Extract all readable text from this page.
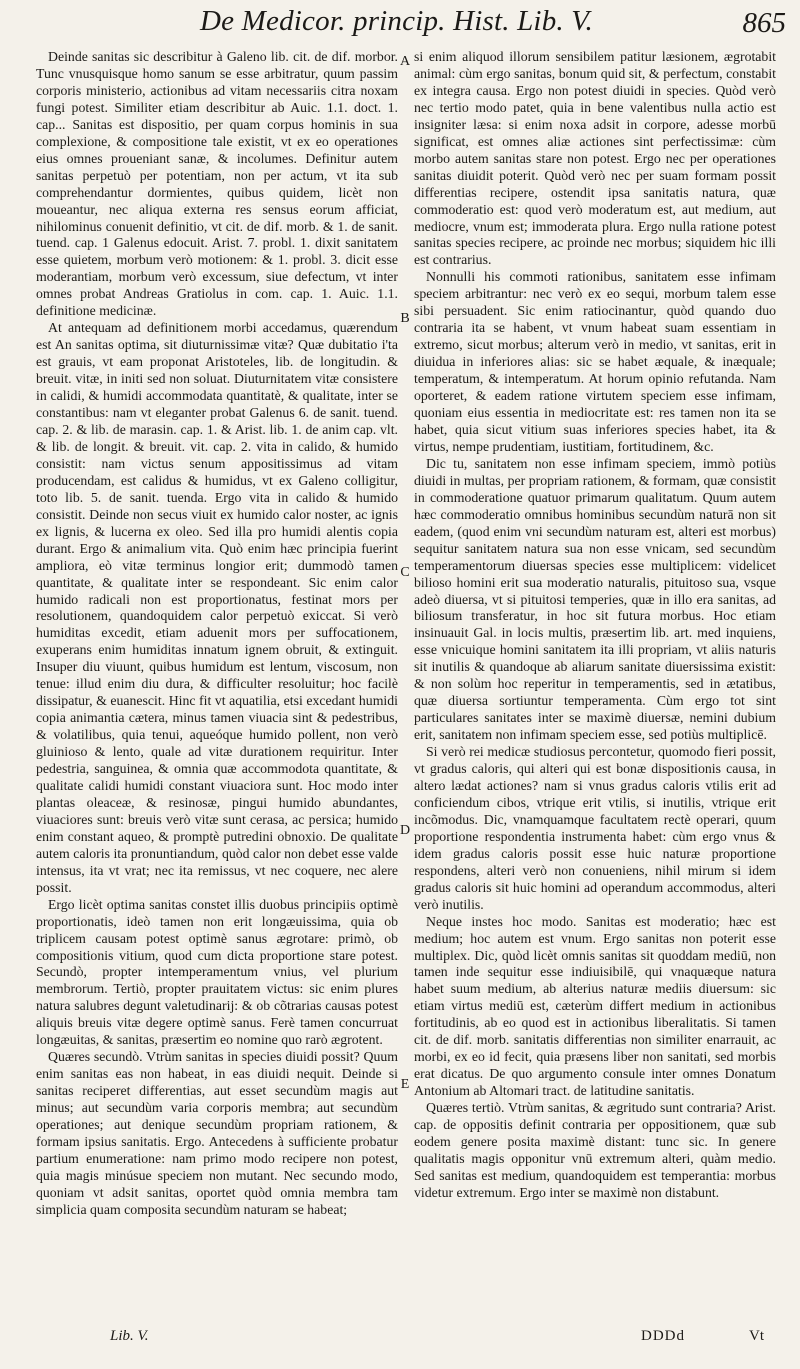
De Medicor. princip. Hist. Lib. V.	865

Deinde sanitas sic describitur à Galeno lib. cit. de dif. morbor. Tunc vnusquisque homo sanum se esse arbitratur, quum passim corporis ministerio, actionibus ad vitam necessariis citra noxam fungi potest. Similiter etiam describitur ab Auic. 1.1. doct. 1. cap... Sanitas est dispositio, per quam corpus hominis in sua complexione, & compositione tale existit, vt ex eo operationes eius omnes proueniant sanæ, & incolumes. Definitur autem sanitas perpetuò per potentiam, non per actum, vt ita sub comprehendantur dormientes, quibus quidem, licèt non moueantur, nec aliqua externa res sensus eorum afficiat, nihilominus conuenit definitio, vt cit. de dif. morb. & 1. de sanit. tuend. cap. 1 Galenus edocuit. Arist. 7. probl. 1. dixit sanitatem esse quietem, morbum verò motionem: & 1. probl. 3. dicit esse moderantiam, morbum verò excessum, siue defectum, vt inter omnes probat Andreas Gratiolus in com. cap. 1. Auic. 1.1. definitione medicinæ.

At antequam ad definitionem morbi accedamus, quærendum est An sanitas optima, sit diuturnissimæ vitæ? Quæ dubitatio i'ta est grauis, vt eam proponat Aristoteles, lib. de longitudin. & breuit. vitæ, in initi sed non soluat. Diuturnitatem vitæ consistere in calidi, & humidi accommodata quantitatè, & qualitate, inter se constantibus: nam vt eleganter probat Galenus 6. de sanit. tuend. cap. 2. & lib. de marasin. cap. 1. & Arist. lib. 1. de anim cap. vlt. & lib. de longit. & breuit. vit. cap. 2. vita in calido, & humido consistit: nam victus senum appositissimus ad vitam producendam, est calidus & humidus, vt ex Galeno colligitur, toto lib. 5. de sanit. tuenda. Ergo vita in calido & humido consistit. Deinde non secus viuit ex humido calor noster, ac ignis ex lignis, & lucerna ex oleo. Sed illa pro humidi alentis copia durant. Ergo & animalium vita. Quò enim hæc principia fuerint ampliora, eò vitæ terminus longior erit; dummodò tamen quantitate, & qualitate inter se respondeant. Sic enim calor humido radicali non est proportionatus, festinat mors per resolutionem, quandoquidem calor perpetuò exiccat. Si verò humiditas excedit, etiam aduenit mors per suffocationem, exuperans enim humiditas innatum ignem obruit, & extinguit. Insuper diu viuunt, quibus humidum est lentum, viscosum, non tenue: illud enim diu dura, & difficulter resoluitur; hoc facilè dissipatur, & euanescit. Hinc fit vt aquatilia, etsi excedant humidi copia animantia cætera, minus tamen viuacia sint & pedestribus, & volatilibus, quia tenui, aqueóque humido pollent, non verò gluinioso & lento, quale ad vitæ durationem requiritur. Inter pedestria, sanguinea, & omnia quæ accommodota quantitate, & qualitate calidi humidi constant viuaciora sunt. Hoc modo inter plantas oleaceæ, & resinosæ, pingui humido abundantes, viuaciores sunt: breuis verò vitæ sunt cerasa, ac persica; humido enim constant aqueo, & promptè putredini obnoxio. De qualitate autem caloris ita pronuntiandum, quòd calor non debet esse valde intensus, ita vt vrat; nec ita remissus, vt nec coquere, nec alere possit.

Ergo licèt optima sanitas constet illis duobus principiis optimè proportionatis, ideò tamen non erit longæuissima, quia ob triplicem causam potest optimè sanus ægrotare: primò, ob compositionis vitium, quod cum dicta proportione stare potest. Secundò, propter intemperamentum vnius, vel plurium membrorum. Tertiò, propter prauitatem victus: sic enim plures natura salubres degunt valetudinarij: & ob cõtrarias causas potest aliquis breuis vitæ degere optimè sanus. Ferè tamen concurruat longæuitas, & sanitas, præsertim eo nomine quo rarò ægrotent.

Quæres secundò. Vtrùm sanitas in species diuidi possit? Quum enim sanitas eas non habeat, in eas diuidi nequit. Deinde si sanitas reciperet differentias, aut esset secundùm magis aut minus; aut secundùm varia corporis membra; aut secundùm operationes; aut denique secundùm propriam rationem, & formam ipsius sanitatis. Ergo. Antecedens à sufficiente probatur partium enumeratione: nam primo modo recipere non potest, quia magis minúsue speciem non mutant. Nec secundo modo, quoniam vt adsit sanitas, oportet quòd omnia membra tam simplicia quam composita secundùm naturam se habeat;

A
B
C
D
E

si enim aliquod illorum sensibilem patitur læsionem, ægrotabit animal: cùm ergo sanitas, bonum quid sit, & perfectum, constabit ex integra causa. Ergo non potest diuidi in species. Quòd verò nec tertio modo patet, quia in bene valentibus nulla actio est insigniter læsa: si enim noxa adsit in corpore, adesse morbū significat, est omnes aliæ actiones sint perfectissimæ: cùm morbo autem sanitas stare non potest. Ergo nec per operationes sanitas diuidit poterit. Quòd verò nec per suam formam possit differentias recipere, ostendit ipsa sanitatis natura, quæ commoderatio est: quod verò moderatum est, aut medium, aut mediocre, vnum est; immoderata plura. Ergo nulla ratione potest sanitas species recipere, ac proinde nec morbus; siquidem hic illi est contrarius.

Nonnulli his commoti rationibus, sanitatem esse infimam speciem arbitrantur: nec verò ex eo sequi, morbum talem esse sibi persuadent. Sic enim ratiocinantur, quòd quando duo contraria ita se habent, vt vnum habeat suam essentiam in extremo, sicut morbus; alterum verò in medio, vt sanitas, erit in diuidua in inferiores alias: sic se habet æquale, & inæquale; temperatum, & intemperatum. At horum opinio refutanda. Nam oporteret, & eadem ratione virtutem speciem esse infimam, quoniam eius essentia in mediocritate est: res tamen non ita se habet, quia sicut vitium suas inferiores species habet, ita & virtus, nempe prudentiam, iustitiam, fortitudinem, &c.

Dic tu, sanitatem non esse infimam speciem, immò potiùs diuidi in multas, per propriam rationem, & formam, quæ consistit in commoderatione quatuor primarum qualitatum. Quum autem hæc commoderatio omnibus hominibus secundùm naturā non sit eadem, (quod enim vni secundùm naturam est, alteri est morbus) sequitur sanitatem natura sua non esse vnicam, sed secundùm temperamentorum diuersas species esse multiplicem: videlicet bilioso homini erit sua moderatio naturalis, pituitoso sua, vsque adeò diuersa, vt si pituitosi temperies, quæ in illo era sanitas, ad biliosum transferatur, in hoc sit futura morbus. Hoc etiam insinuauit Gal. in locis multis, præsertim lib. art. med inquiens, esse vnicuique homini sanitatem ita illi propriam, vt aliis naturis sit inutilis & quandoque ab aliarum sanitate diuersissima existit: & non solùm hoc reperitur in temperamentis, sed in ætatibus, quæ diuersa sortiuntur temperamenta. Cùm ergo tot sint particulares sanitates inter se maximè diuersæ, nemini dubium erit, sanitatem non infimam speciem esse, sed potiùs multiplicē.

Si verò rei medicæ studiosus percontetur, quomodo fieri possit, vt gradus caloris, qui alteri qui est bonæ dispositionis causa, in altero lædat actiones? nam si vnus gradus caloris vtilis erit ad conficiendum cibos, vtrique erit vtilis, si inutilis, vtrique erit incõmodus. Dic, vnamquamque facultatem rectè operari, quum proportione respondentia instrumenta habet: cùm ergo vnus & idem gradus caloris possit esse huic naturæ proportione respondens, alteri verò non conueniens, nihil mirum si idem gradus caloris sit huic homini ad operandum accommodus, alteri verò inutilis.

Neque instes hoc modo. Sanitas est moderatio; hæc est medium; hoc autem est vnum. Ergo sanitas non poterit esse multiplex. Dic, quòd licèt omnis sanitas sit quoddam mediū, non tamen inde sequitur esse indiuisibilē, qui vnaquæque natura habet suum medium, ab alterius naturæ mediis diuersum: sic etiam virtus mediū est, cæterùm differt medium in actionibus fortitudinis, ab eo quod est in actionibus liberalitatis. Si tamen cit. de dif. morb. sanitatis differentias non similiter enarrauit, ac morbi, ex eo id fecit, quia præsens liber non sanitati, sed morbis erat dicatus. De quo argumento consule inter omnes Donatum Antonium ab Altomari tract. de latitudine sanitatis.

Quæres tertiò. Vtrùm sanitas, & ægritudo sunt contraria? Arist. cap. de oppositis definit contraria per oppositionem, quæ sub eodem genere posita maximè distant: tunc sic. In genere qualitatis magis opponitur vnū extremum alteri, quàm medio. Sed sanitas est medium, quandoquidem est temperantia: morbus videtur extremum. Ergo inter se maximè non distabunt.

Lib. V.	DDDd	Vt
